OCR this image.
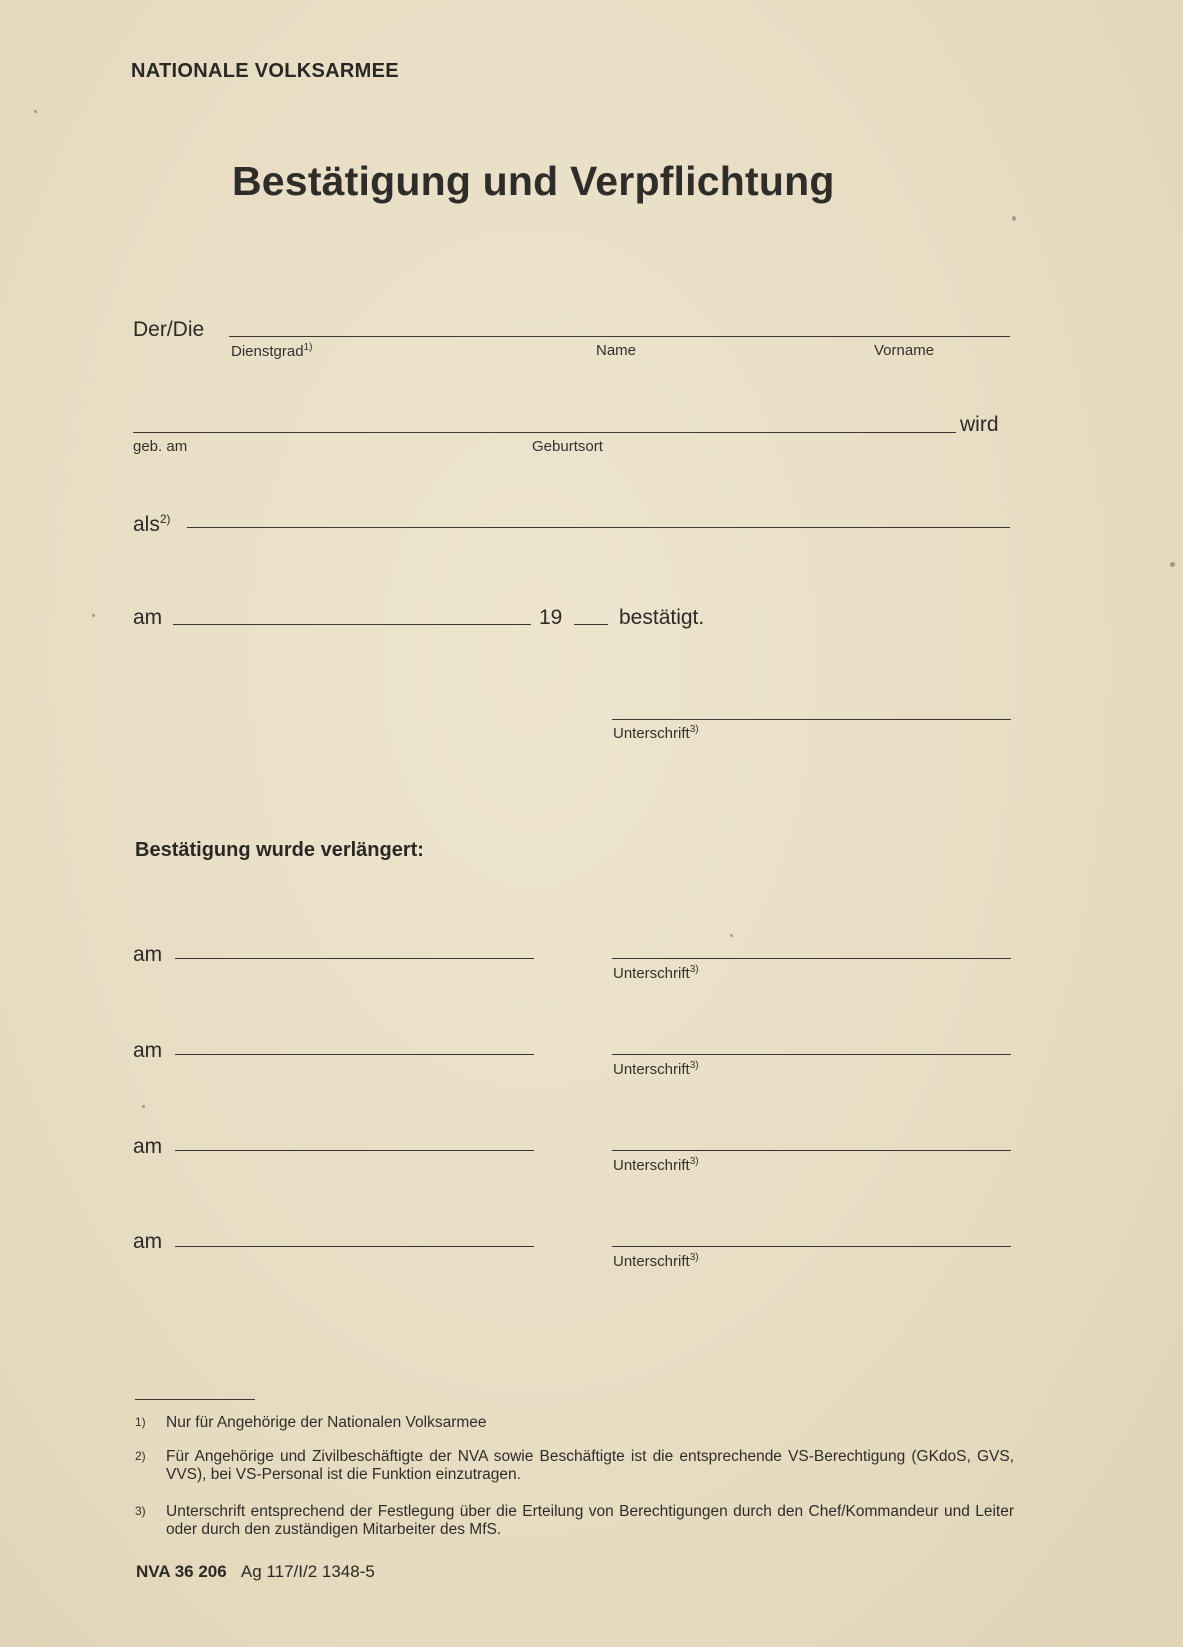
NATIONALE VOLKSARMEE
Bestätigung und Verpflichtung
Der/Die
Dienstgrad$^{1)}$	Name	Vorname
wird
geb. am	Geburtsort
als$^{2)}$
am	19	bestätigt.
Unterschrift$^{3)}$
Bestätigung wurde verlängert:
am
Unterschrift$^{3)}$
am
Unterschrift$^{3)}$
am
Unterschrift$^{3)}$
am
Unterschrift$^{3)}$
1) Nur für Angehörige der Nationalen Volksarmee
2) Für Angehörige und Zivilbeschäftigte der NVA sowie Beschäftigte ist die entsprechende VS-Berechtigung (GKdoS, GVS, VVS), bei VS-Personal ist die Funktion einzutragen.
3) Unterschrift entsprechend der Festlegung über die Erteilung von Berechtigungen durch den Chef/Kommandeur und Leiter oder durch den zuständigen Mitarbeiter des MfS.
NVA 36 206 Ag 117/I/2 1348-5
